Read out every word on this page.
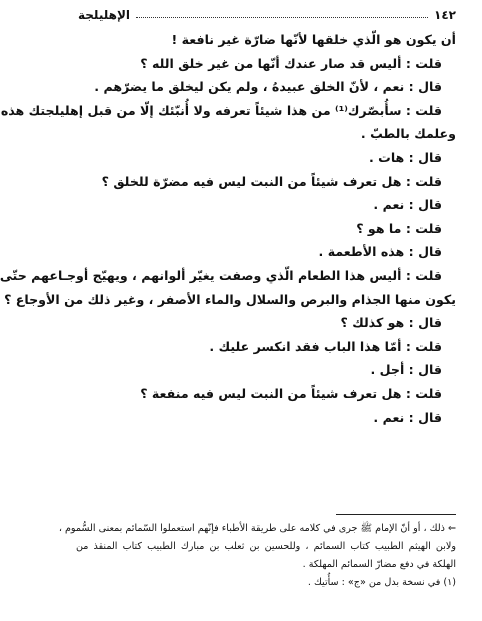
١٤٢
الإهليلجة
أن يكون هو الّذي خلقها لأنّها ضارّة غير نافعة !
قلت : أليس قد صار عندك أنّها من غير خلق الله ؟
قال : نعم ، لأنّ الخلق عبيدهُ ، ولم يكن ليخلق ما يضرّهم .
قلت : سأُبصّرك⁽¹⁾ من هذا شيئاً تعرفه ولا أُنبّئك إلّا من قبل إهليلجتك هذه
وعلمك بالطبّ .
قال : هات .
قلت : هل تعرف شيئاً من النبت ليس فيه مضرّة للخلق ؟
قال : نعم .
قلت : ما هو ؟
قال : هذه الأطعمة .
قلت : أليس هذا الطعام الّذي وصفت يغيّر ألوانهم ، ويهيّج أوجـاعهم حتّى
يكون منها الجذام والبرص والسلال والماء الأصفر ، وغير ذلك من الأوجاع ؟
قال : هو كذلك ؟
قلت : أمّا هذا الباب فقد انكسر عليك .
قال : أجل .
قلت : هل تعرف شيئاً من النبت ليس فيه منفعة ؟
قال : نعم .
⇐ ذلك ، أو أنّ الإمام ﷺ جرى في كلامه على طريقة الأطباء فإنّهم استعملوا السّمائم بمعنى السُّموم ،
ولابن الهيثم الطبيب كتاب السمائم ، وللحسين بن ثعلب بن مبارك الطبيب كتاب المنقذ من
الهلكة في دفع مضارّ السمائم المهلكة .
(١) في نسخة بدل من «ج» : سأُتيك .
